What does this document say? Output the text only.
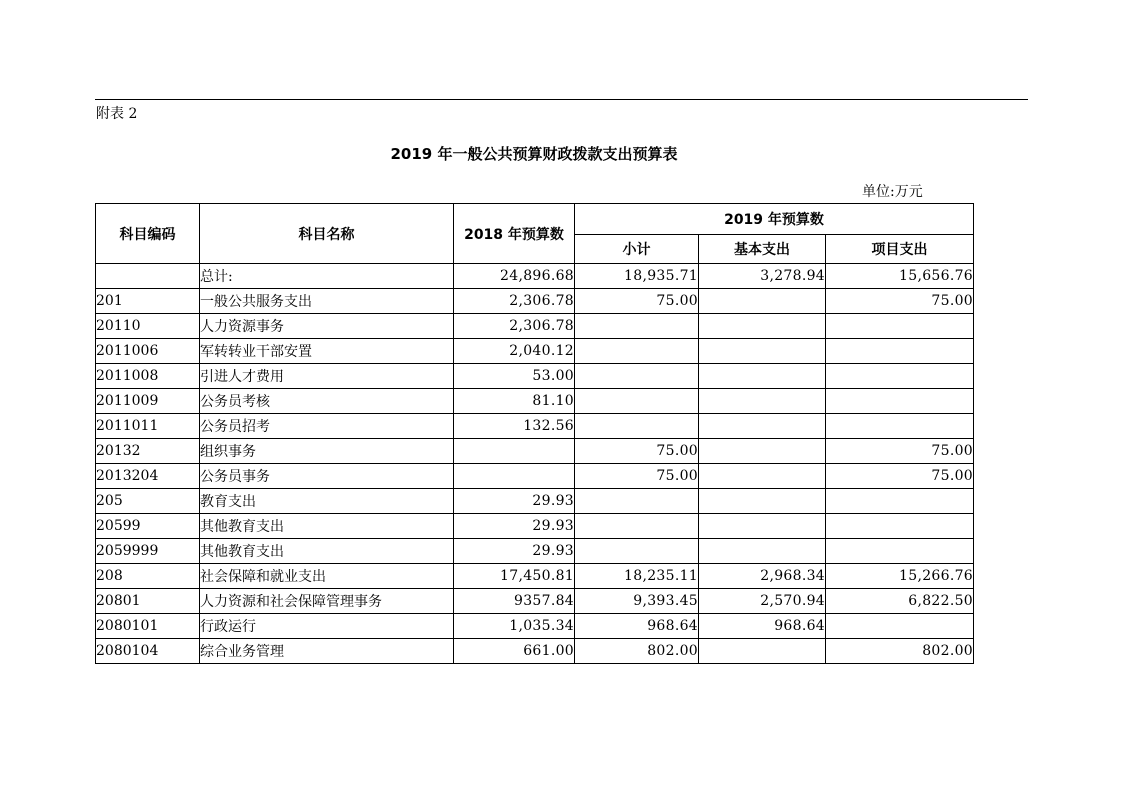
附表 2
2019 年一般公共预算财政拨款支出预算表
单位:万元
科目编码	科目名称	2018 年预算数	2019 年预算数		
			小计	基本支出	项目支出
	总计:	24,896.68	18,935.71	3,278.94	15,656.76
201	一般公共服务支出	2,306.78	75.00		75.00
20110	人力资源事务	2,306.78			
2011006	军转转业干部安置	2,040.12			
2011008	引进人才费用	53.00			
2011009	公务员考核	81.10			
2011011	公务员招考	132.56			
20132	组织事务		75.00		75.00
2013204	公务员事务		75.00		75.00
205	教育支出	29.93			
20599	其他教育支出	29.93			
2059999	其他教育支出	29.93			
208	社会保障和就业支出	17,450.81	18,235.11	2,968.34	15,266.76
20801	人力资源和社会保障管理事务	9357.84	9,393.45	2,570.94	6,822.50
2080101	行政运行	1,035.34	968.64	968.64	
2080104	综合业务管理	661.00	802.00		802.00
